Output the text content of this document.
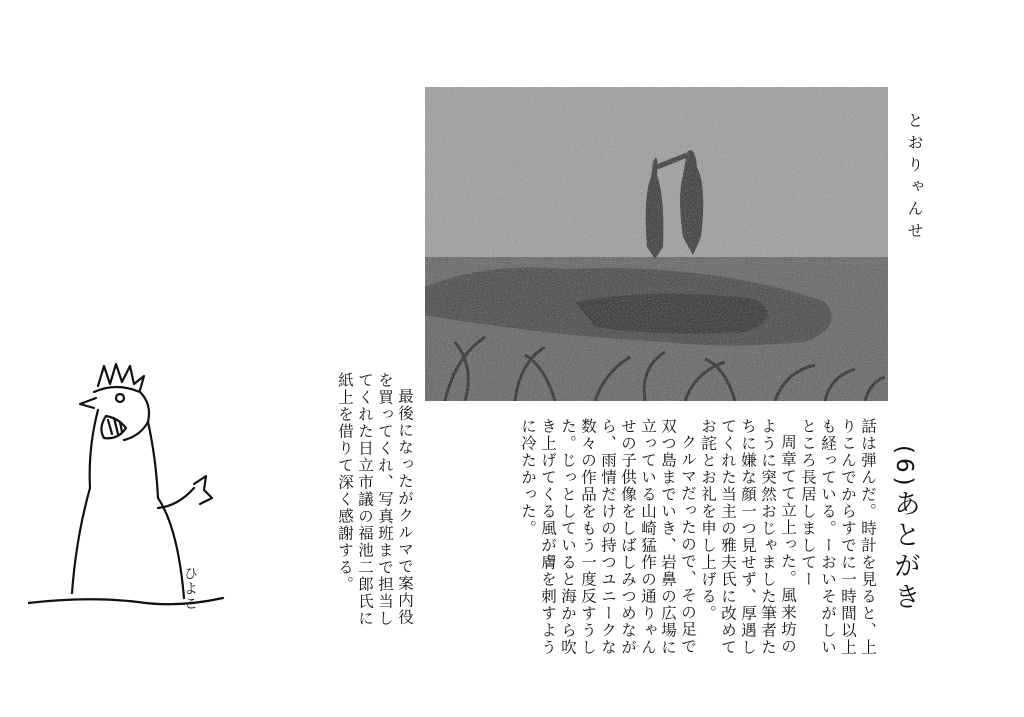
とおりゃんせ
(6)あとがき

話は弾んだ。時計を見ると、上りこんでからすでに一時間以上も経っている。ーおいそがしいところ長居しましてー

周章てて立上った。風来坊のように突然おじゃました筆者たちに嫌な顔一つ見せず、厚遇してくれた当主の雅夫氏に改めてお詫とお礼を申し上げる。

クルマだったので、その足で双つ島までいき、岩鼻の広場に立っている山崎猛作の通りゃんせの子供像をしばしみつめながら、雨情だけの持つユニークな数々の作品をもう一度反すうした。じっとしていると海から吹き上げてくる風が膚を刺すように冷たかった。

最後になったがクルマで案内役を買ってくれ、写真班まで担当してくれた日立市議の福池二郎氏に紙上を借りて深く感謝する。

ひよこ
